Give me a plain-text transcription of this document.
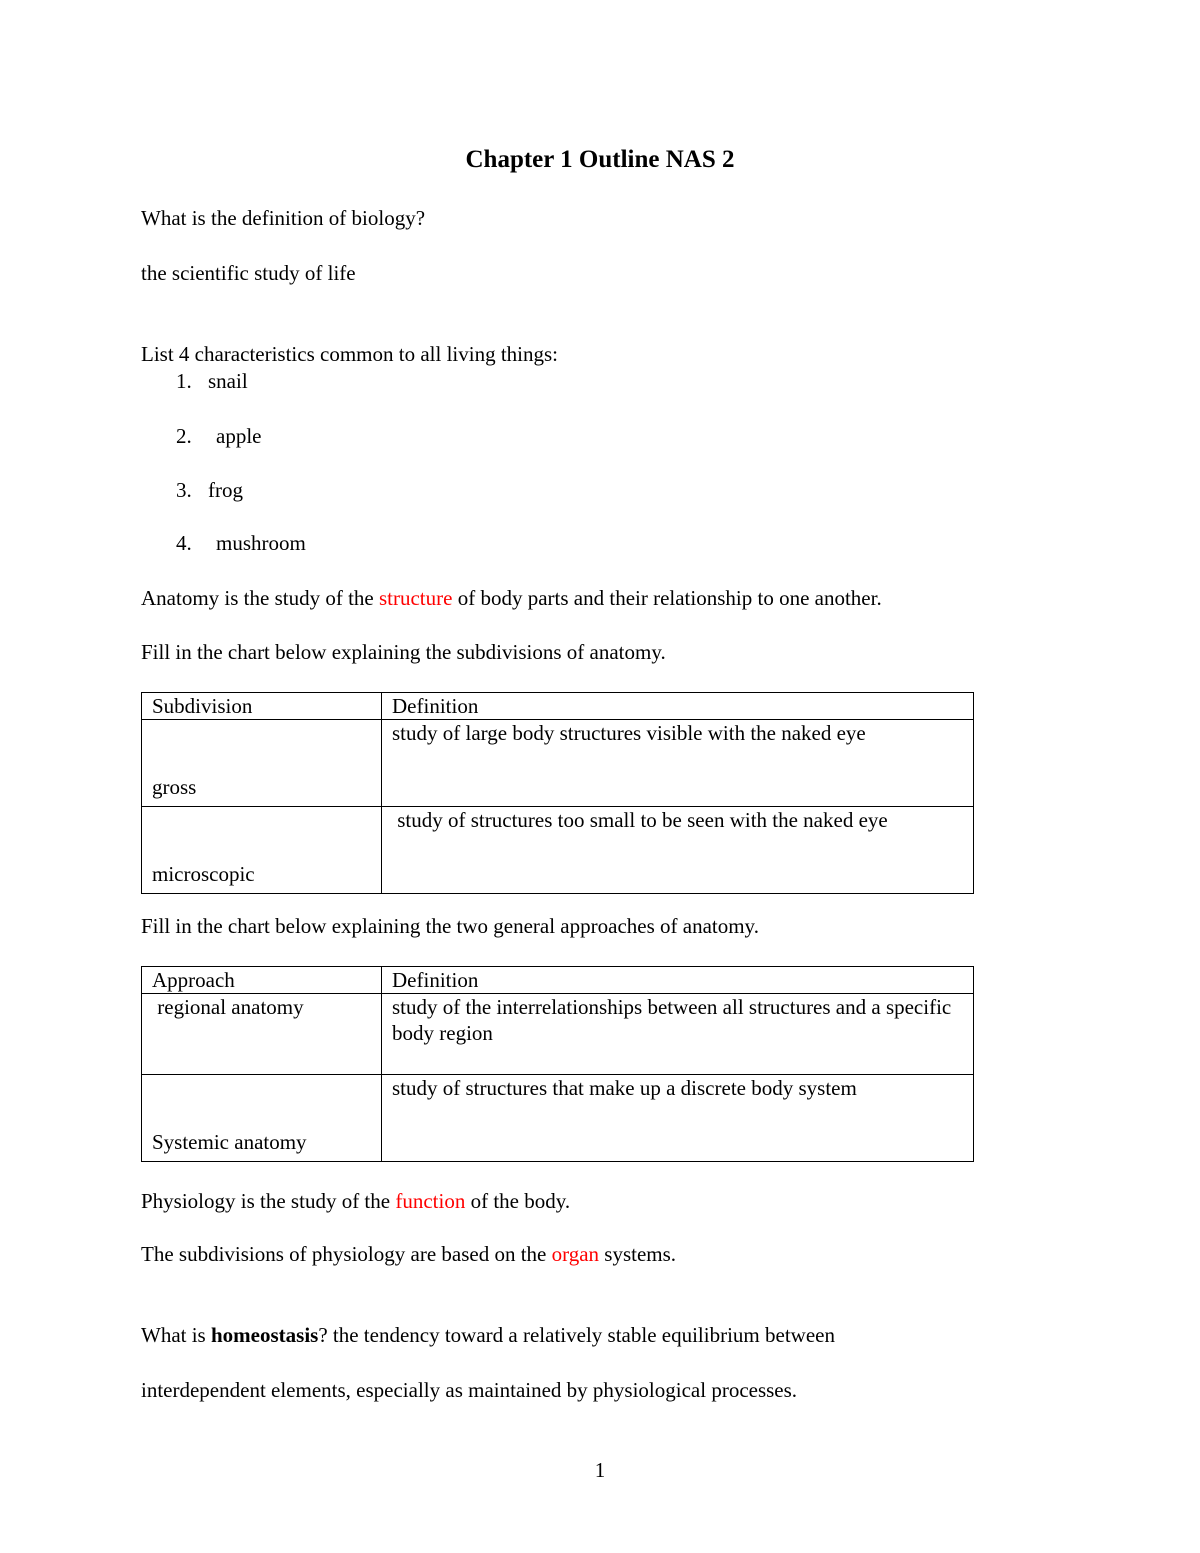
Chapter 1 Outline NAS 2
What is the definition of biology?
the scientific study of life
List 4 characteristics common to all living things:
1. snail
2. apple
3. frog
4. mushroom
Anatomy is the study of the structure of body parts and their relationship to one another.
Fill in the chart below explaining the subdivisions of anatomy.
Subdivision	Definition
gross	study of large body structures visible with the naked eye
microscopic	study of structures too small to be seen with the naked eye
Fill in the chart below explaining the two general approaches of anatomy.
Approach	Definition
regional anatomy	study of the interrelationships between all structures and a specific body region
Systemic anatomy	study of structures that make up a discrete body system
Physiology is the study of the function of the body.
The subdivisions of physiology are based on the organ systems.
What is homeostasis? the tendency toward a relatively stable equilibrium between
interdependent elements, especially as maintained by physiological processes.
1
